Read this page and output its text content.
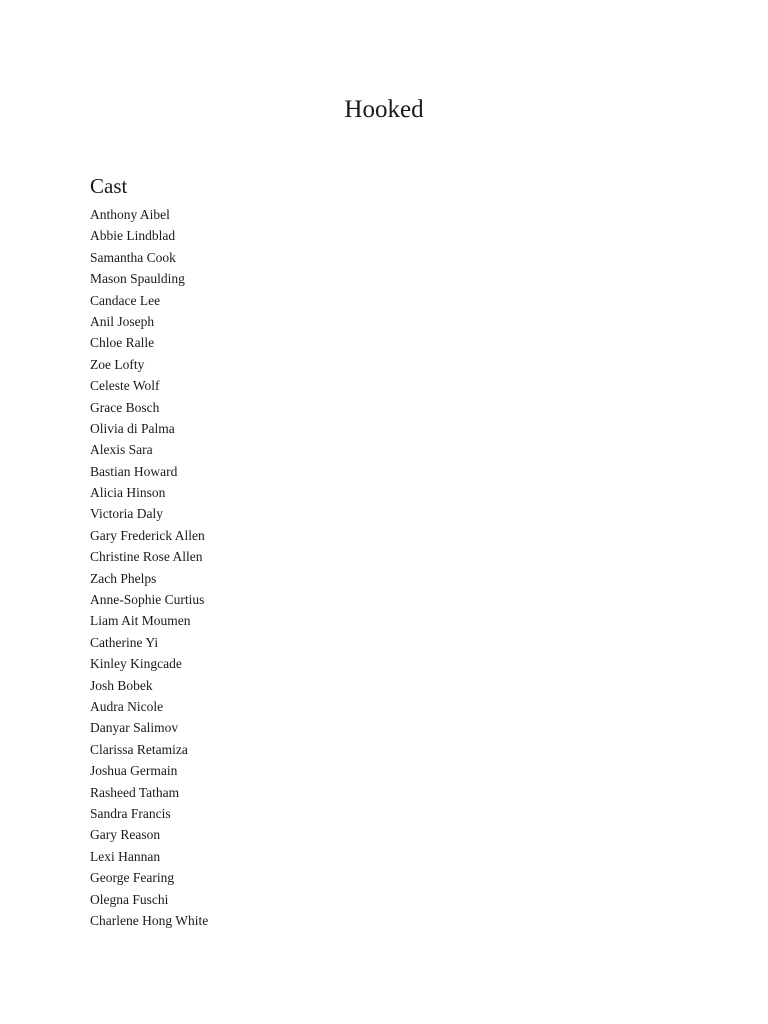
Hooked
Cast
Anthony Aibel
Abbie Lindblad
Samantha Cook
Mason Spaulding
Candace Lee
Anil Joseph
Chloe Ralle
Zoe Lofty
Celeste Wolf
Grace Bosch
Olivia di Palma
Alexis Sara
Bastian Howard
Alicia Hinson
Victoria Daly
Gary Frederick Allen
Christine Rose Allen
Zach Phelps
Anne-Sophie Curtius
Liam Ait Moumen
Catherine Yi
Kinley Kingcade
Josh Bobek
Audra Nicole
Danyar Salimov
Clarissa Retamiza
Joshua Germain
Rasheed Tatham
Sandra Francis
Gary Reason
Lexi Hannan
George Fearing
Olegna Fuschi
Charlene Hong White
